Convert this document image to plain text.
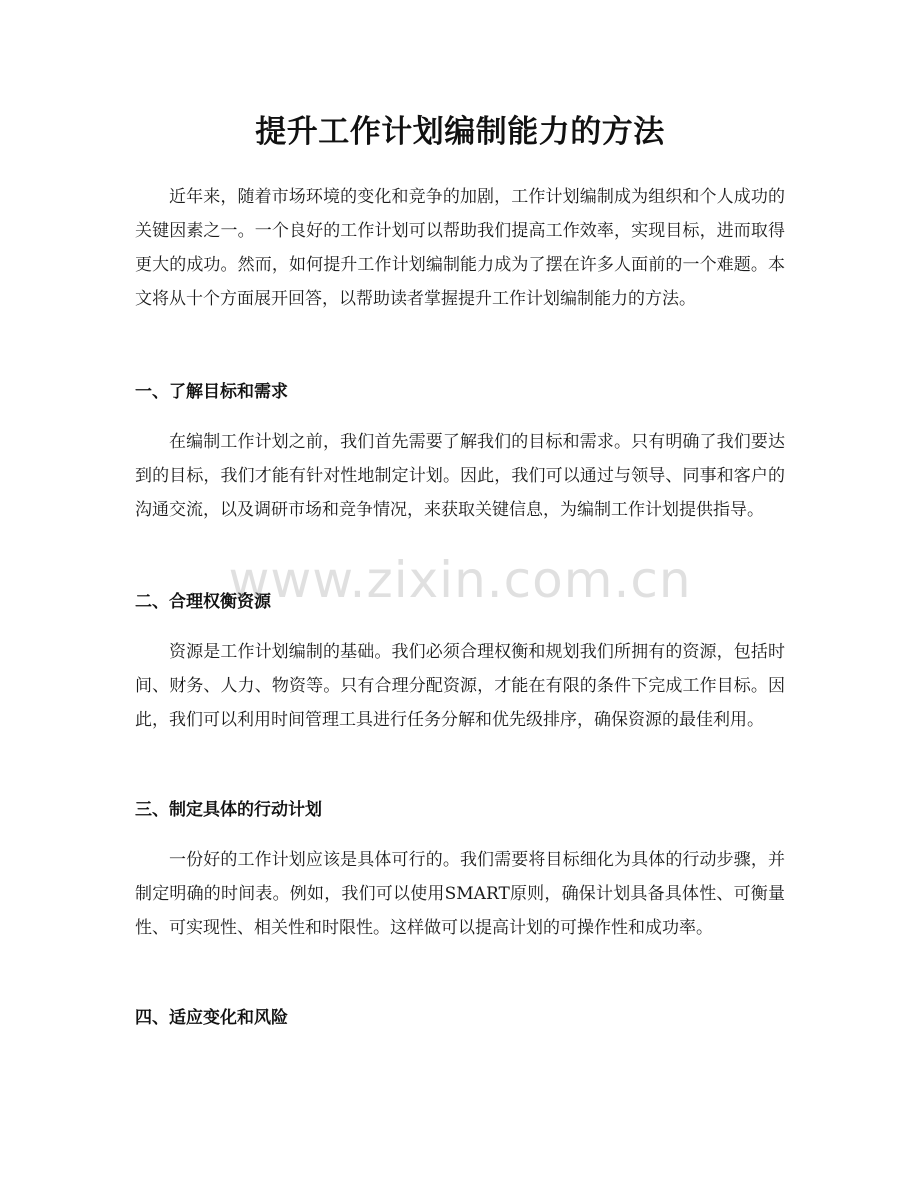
提升工作计划编制能力的方法

近年来，随着市场环境的变化和竞争的加剧，工作计划编制成为组织和个人成功的关键因素之一。一个良好的工作计划可以帮助我们提高工作效率，实现目标，进而取得更大的成功。然而，如何提升工作计划编制能力成为了摆在许多人面前的一个难题。本文将从十个方面展开回答，以帮助读者掌握提升工作计划编制能力的方法。

一、了解目标和需求

在编制工作计划之前，我们首先需要了解我们的目标和需求。只有明确了我们要达到的目标，我们才能有针对性地制定计划。因此，我们可以通过与领导、同事和客户的沟通交流，以及调研市场和竞争情况，来获取关键信息，为编制工作计划提供指导。

二、合理权衡资源

资源是工作计划编制的基础。我们必须合理权衡和规划我们所拥有的资源，包括时间、财务、人力、物资等。只有合理分配资源，才能在有限的条件下完成工作目标。因此，我们可以利用时间管理工具进行任务分解和优先级排序，确保资源的最佳利用。

三、制定具体的行动计划

一份好的工作计划应该是具体可行的。我们需要将目标细化为具体的行动步骤，并制定明确的时间表。例如，我们可以使用SMART原则，确保计划具备具体性、可衡量性、可实现性、相关性和时限性。这样做可以提高计划的可操作性和成功率。

四、适应变化和风险
www.zixin.com.cn
